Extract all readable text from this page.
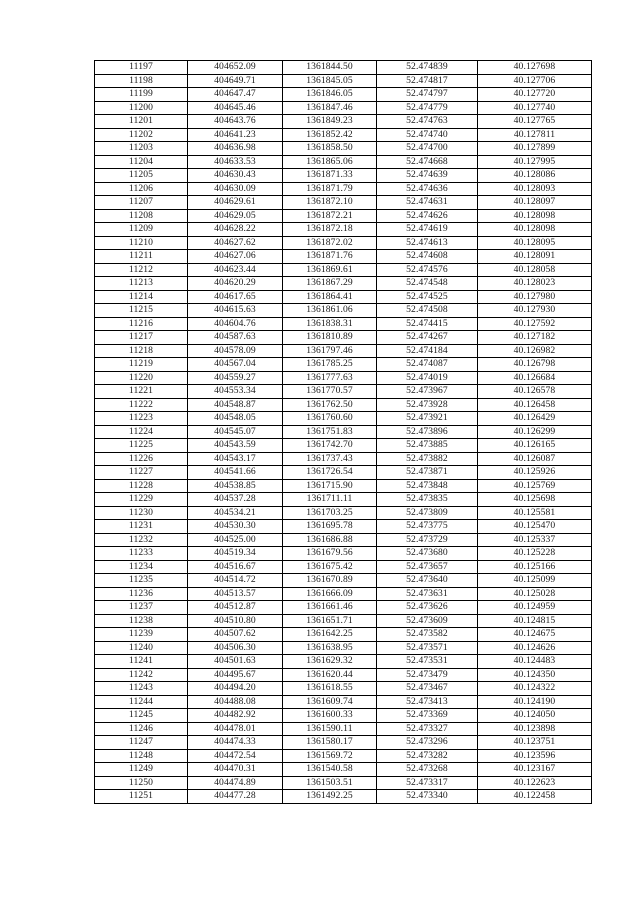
11197	404652.09	1361844.50	52.474839	40.127698
11198	404649.71	1361845.05	52.474817	40.127706
11199	404647.47	1361846.05	52.474797	40.127720
11200	404645.46	1361847.46	52.474779	40.127740
11201	404643.76	1361849.23	52.474763	40.127765
11202	404641.23	1361852.42	52.474740	40.127811
11203	404636.98	1361858.50	52.474700	40.127899
11204	404633.53	1361865.06	52.474668	40.127995
11205	404630.43	1361871.33	52.474639	40.128086
11206	404630.09	1361871.79	52.474636	40.128093
11207	404629.61	1361872.10	52.474631	40.128097
11208	404629.05	1361872.21	52.474626	40.128098
11209	404628.22	1361872.18	52.474619	40.128098
11210	404627.62	1361872.02	52.474613	40.128095
11211	404627.06	1361871.76	52.474608	40.128091
11212	404623.44	1361869.61	52.474576	40.128058
11213	404620.29	1361867.29	52.474548	40.128023
11214	404617.65	1361864.41	52.474525	40.127980
11215	404615.63	1361861.06	52.474508	40.127930
11216	404604.76	1361838.31	52.474415	40.127592
11217	404587.63	1361810.89	52.474267	40.127182
11218	404578.09	1361797.46	52.474184	40.126982
11219	404567.04	1361785.25	52.474087	40.126798
11220	404559.27	1361777.63	52.474019	40.126684
11221	404553.34	1361770.57	52.473967	40.126578
11222	404548.87	1361762.50	52.473928	40.126458
11223	404548.05	1361760.60	52.473921	40.126429
11224	404545.07	1361751.83	52.473896	40.126299
11225	404543.59	1361742.70	52.473885	40.126165
11226	404543.17	1361737.43	52.473882	40.126087
11227	404541.66	1361726.54	52.473871	40.125926
11228	404538.85	1361715.90	52.473848	40.125769
11229	404537.28	1361711.11	52.473835	40.125698
11230	404534.21	1361703.25	52.473809	40.125581
11231	404530.30	1361695.78	52.473775	40.125470
11232	404525.00	1361686.88	52.473729	40.125337
11233	404519.34	1361679.56	52.473680	40.125228
11234	404516.67	1361675.42	52.473657	40.125166
11235	404514.72	1361670.89	52.473640	40.125099
11236	404513.57	1361666.09	52.473631	40.125028
11237	404512.87	1361661.46	52.473626	40.124959
11238	404510.80	1361651.71	52.473609	40.124815
11239	404507.62	1361642.25	52.473582	40.124675
11240	404506.30	1361638.95	52.473571	40.124626
11241	404501.63	1361629.32	52.473531	40.124483
11242	404495.67	1361620.44	52.473479	40.124350
11243	404494.20	1361618.55	52.473467	40.124322
11244	404488.08	1361609.74	52.473413	40.124190
11245	404482.92	1361600.33	52.473369	40.124050
11246	404478.01	1361590.11	52.473327	40.123898
11247	404474.33	1361580.17	52.473296	40.123751
11248	404472.54	1361569.72	52.473282	40.123596
11249	404470.31	1361540.58	52.473268	40.123167
11250	404474.89	1361503.51	52.473317	40.122623
11251	404477.28	1361492.25	52.473340	40.122458
